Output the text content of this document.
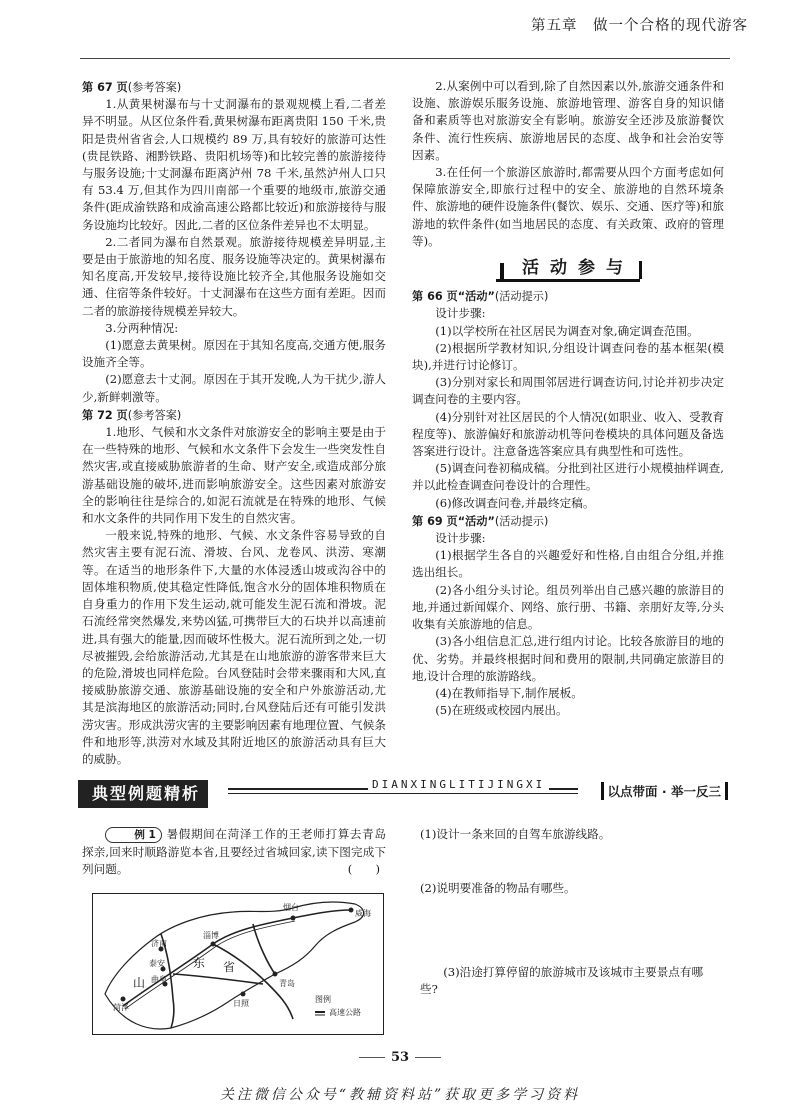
第五章　做一个合格的现代游客

第 67 页(参考答案)

1.从黄果树瀑布与十丈洞瀑布的景观规模上看,二者差异不明显。从区位条件看,黄果树瀑布距离贵阳 150 千米,贵阳是贵州省省会,人口规模约 89 万,具有较好的旅游可达性(贵昆铁路、湘黔铁路、贵阳机场等)和比较完善的旅游接待与服务设施;十丈洞瀑布距离泸州 78 千米,虽然泸州人口只有 53.4 万,但其作为四川南部一个重要的地级市,旅游交通条件(距成渝铁路和成渝高速公路都比较近)和旅游接待与服务设施均比较好。因此,二者的区位条件差异也不太明显。

2.二者同为瀑布自然景观。旅游接待规模差异明显,主要是由于旅游地的知名度、服务设施等决定的。黄果树瀑布知名度高,开发较早,接待设施比较齐全,其他服务设施如交通、住宿等条件较好。十丈洞瀑布在这些方面有差距。因而二者的旅游接待规模差异较大。

3.分两种情况:

(1)愿意去黄果树。原因在于其知名度高,交通方便,服务设施齐全等。

(2)愿意去十丈洞。原因在于其开发晚,人为干扰少,游人少,新鲜刺激等。

第 72 页(参考答案)

1.地形、气候和水文条件对旅游安全的影响主要是由于在一些特殊的地形、气候和水文条件下会发生一些突发性自然灾害,或直接威胁旅游者的生命、财产安全,或造成部分旅游基础设施的破坏,进而影响旅游安全。这些因素对旅游安全的影响往往是综合的,如泥石流就是在特殊的地形、气候和水文条件的共同作用下发生的自然灾害。

一般来说,特殊的地形、气候、水文条件容易导致的自然灾害主要有泥石流、滑坡、台风、龙卷风、洪涝、寒潮等。在适当的地形条件下,大量的水体浸透山坡或沟谷中的固体堆积物质,使其稳定性降低,饱含水分的固体堆积物质在自身重力的作用下发生运动,就可能发生泥石流和滑坡。泥石流经常突然爆发,来势凶猛,可携带巨大的石块并以高速前进,具有强大的能量,因而破坏性极大。泥石流所到之处,一切尽被摧毁,会给旅游活动,尤其是在山地旅游的游客带来巨大的危险,滑坡也同样危险。台风登陆时会带来骤雨和大风,直接威胁旅游交通、旅游基础设施的安全和户外旅游活动,尤其是滨海地区的旅游活动;同时,台风登陆后还有可能引发洪涝灾害。形成洪涝灾害的主要影响因素有地理位置、气候条件和地形等,洪涝对水域及其附近地区的旅游活动具有巨大的威胁。

2.从案例中可以看到,除了自然因素以外,旅游交通条件和设施、旅游娱乐服务设施、旅游地管理、游客自身的知识储备和素质等也对旅游安全有影响。旅游安全还涉及旅游餐饮条件、流行性疾病、旅游地居民的态度、战争和社会治安等因素。

3.在任何一个旅游区旅游时,都需要从四个方面考虑如何保障旅游安全,即旅行过程中的安全、旅游地的自然环境条件、旅游地的硬件设施条件(餐饮、娱乐、交通、医疗等)和旅游地的软件条件(如当地居民的态度、有关政策、政府的管理等)。

活动参与

第 66 页“活动”(活动提示)

设计步骤:

(1)以学校所在社区居民为调查对象,确定调查范围。

(2)根据所学教材知识,分组设计调查问卷的基本框架(模块),并进行讨论修订。

(3)分别对家长和周围邻居进行调查访问,讨论并初步决定调查问卷的主要内容。

(4)分别针对社区居民的个人情况(如职业、收入、受教育程度等)、旅游偏好和旅游动机等问卷模块的具体问题及备选答案进行设计。注意备选答案应具有典型性和可选性。

(5)调查问卷初稿成稿。分批到社区进行小规模抽样调查,并以此检查调查问卷设计的合理性。

(6)修改调查问卷,并最终定稿。

第 69 页“活动”(活动提示)

设计步骤:

(1)根据学生各自的兴趣爱好和性格,自由组合分组,并推选出组长。

(2)各小组分头讨论。组员列举出自己感兴趣的旅游目的地,并通过新闻媒介、网络、旅行册、书籍、亲朋好友等,分头收集有关旅游地的信息。

(3)各小组信息汇总,进行组内讨论。比较各旅游目的地的优、劣势。并最终根据时间和费用的限制,共同确定旅游目的地,设计合理的旅游路线。

(4)在教师指导下,制作展板。

(5)在班级或校园内展出。

典型例题精析	DIANXINGLITIJINGXI	以点带面 · 举一反三

例 1 暑假期间在菏泽工作的王老师打算去青岛探亲,回来时顺路游览本省,且要经过省城回家,读下图完成下列问题。	(　　)

(1)设计一条来回的自驾车旅游线路。
(2)说明要准备的物品有哪些。
(3)沿途打算停留的旅游城市及该城市主要景点有哪些?
烟台
威海
淄博
济南
泰安
曲阜
东 省
青岛
日照
菏泽
山
图例
高速公路
53
关注微信公众号“教辅资料站”获取更多学习资料
